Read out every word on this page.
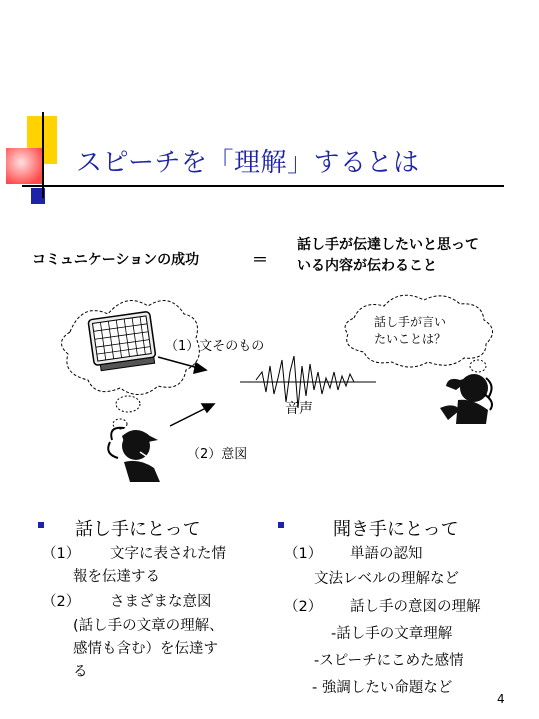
スピーチを「理解」するとは
コミュニケーションの成功	＝
話し手が伝達したいと思って
いる内容が伝わること
（1）文そのもの
（2）意図
音声
話し手が言い
たいことは？
話し手にとって
（1） 文字に表された情
報を伝達する
（2） さまざまな意図
(話し手の文章の理解、
感情も含む）を伝達す
る
聞き手にとって
（1） 単語の認知
文法レベルの理解など
（2） 話し手の意図の理解
-話し手の文章理解
-スピーチにこめた感情
- 強調したい命題など
4
